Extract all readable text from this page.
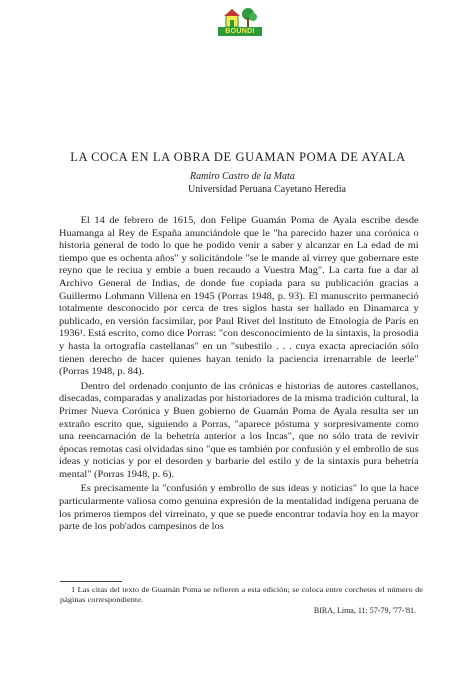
BOUNDI
LA COCA EN LA OBRA DE GUAMAN POMA DE AYALA
Ramiro Castro de la Mata
Universidad Peruana Cayetano Heredia

El 14 de febrero de 1615, don Felipe Guamán Poma de Ayala escribe desde Huamanga al Rey de España anunciándole que le "ha parecido hazer una corónica o historia general de todo lo que he podido venir a saber y alcanzar en La edad de mi tiempo que es ochenta años" y solicitándole "se le mande al virrey que gobernare este reyno que le reciua y embie a buen recaudo a Vuestra Mag". La carta fue a dar al Archivo General de Indias, de donde fue copiada para su publicación gracias a Guillermo Lohmann Villena en 1945 (Porras 1948, p. 93). El manuscrito permaneció totalmente desconocido por cerca de tres siglos hasta ser hallado en Dinamarca y publicado, en versión facsimilar, por Paul Rivet del Instituto de Etnología de París en 1936¹. Está escrito, como dice Porras: "con desconocimiento de la sintaxis, la prosodia y hasta la ortografía castellanas" en un "subestilo . . . cuya exacta apreciación sólo tienen derecho de hacer quienes hayan tenido la paciencia irrenarrable de leerle" (Porras 1948, p. 84).

Dentro del ordenado conjunto de las crónicas e historias de autores castellanos, disecadas, comparadas y analizadas por historiadores de la misma tradición cultural, la Primer Nueva Corónica y Buen gobierno de Guamán Poma de Ayala resulta ser un extraño escrito que, siguiendo a Porras, "aparece póstuma y sorpresivamente como una reencarnación de la behetría anterior a los Incas", que no sólo trata de revivir épocas remotas casi olvidadas sino "que es también por confusión y el embrollo de sus ideas y noticias y por el desorden y barbarie del estilo y de la sintaxis pura behetría mental" (Porras 1948, p. 6).

Es precisamente la "confusión y embrollo de sus ideas y noticias" lo que la hace particularmente valiosa como genuina expresión de la mentalidad indígena peruana de los primeros tiempos del virreinato, y que se puede encontrar todavía hoy en la mayor parte de los pob'ados campesinos de los

1 Las citas del texto de Guamán Poma se refieren a esta edición; se coloca entre corchetes el número de páginas correspondiente.

BIRA, Lima, 11: 57-79, '77-'81.
